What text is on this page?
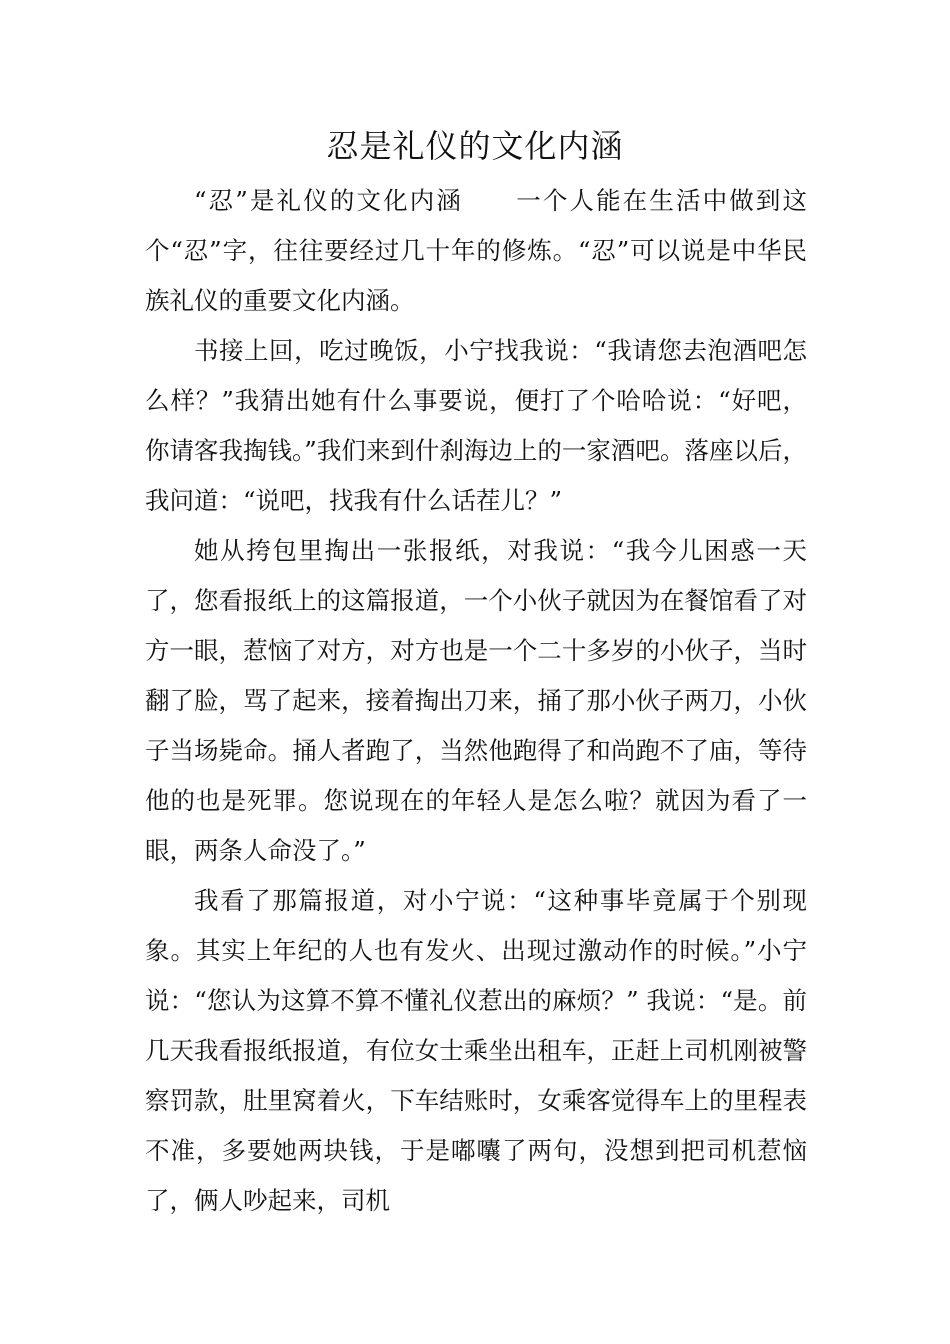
忍是礼仪的文化内涵

“忍”是礼仪的文化内涵　　一个人能在生活中做到这个“忍”字，往往要经过几十年的修炼。“忍”可以说是中华民族礼仪的重要文化内涵。

书接上回，吃过晚饭，小宁找我说：“我请您去泡酒吧怎么样？”我猜出她有什么事要说，便打了个哈哈说：“好吧，你请客我掏钱。”我们来到什刹海边上的一家酒吧。落座以后，我问道：“说吧，找我有什么话茬儿？”

她从挎包里掏出一张报纸，对我说：“我今儿困惑一天了，您看报纸上的这篇报道，一个小伙子就因为在餐馆看了对方一眼，惹恼了对方，对方也是一个二十多岁的小伙子，当时翻了脸，骂了起来，接着掏出刀来，捅了那小伙子两刀，小伙子当场毙命。捅人者跑了，当然他跑得了和尚跑不了庙，等待他的也是死罪。您说现在的年轻人是怎么啦？就因为看了一眼，两条人命没了。”

我看了那篇报道，对小宁说：“这种事毕竟属于个别现象。其实上年纪的人也有发火、出现过激动作的时候。”小宁说：“您认为这算不算不懂礼仪惹出的麻烦？” 我说：“是。前几天我看报纸报道，有位女士乘坐出租车，正赶上司机刚被警察罚款，肚里窝着火，下车结账时，女乘客觉得车上的里程表不准，多要她两块钱，于是嘟囔了两句，没想到把司机惹恼了，俩人吵起来，司机
